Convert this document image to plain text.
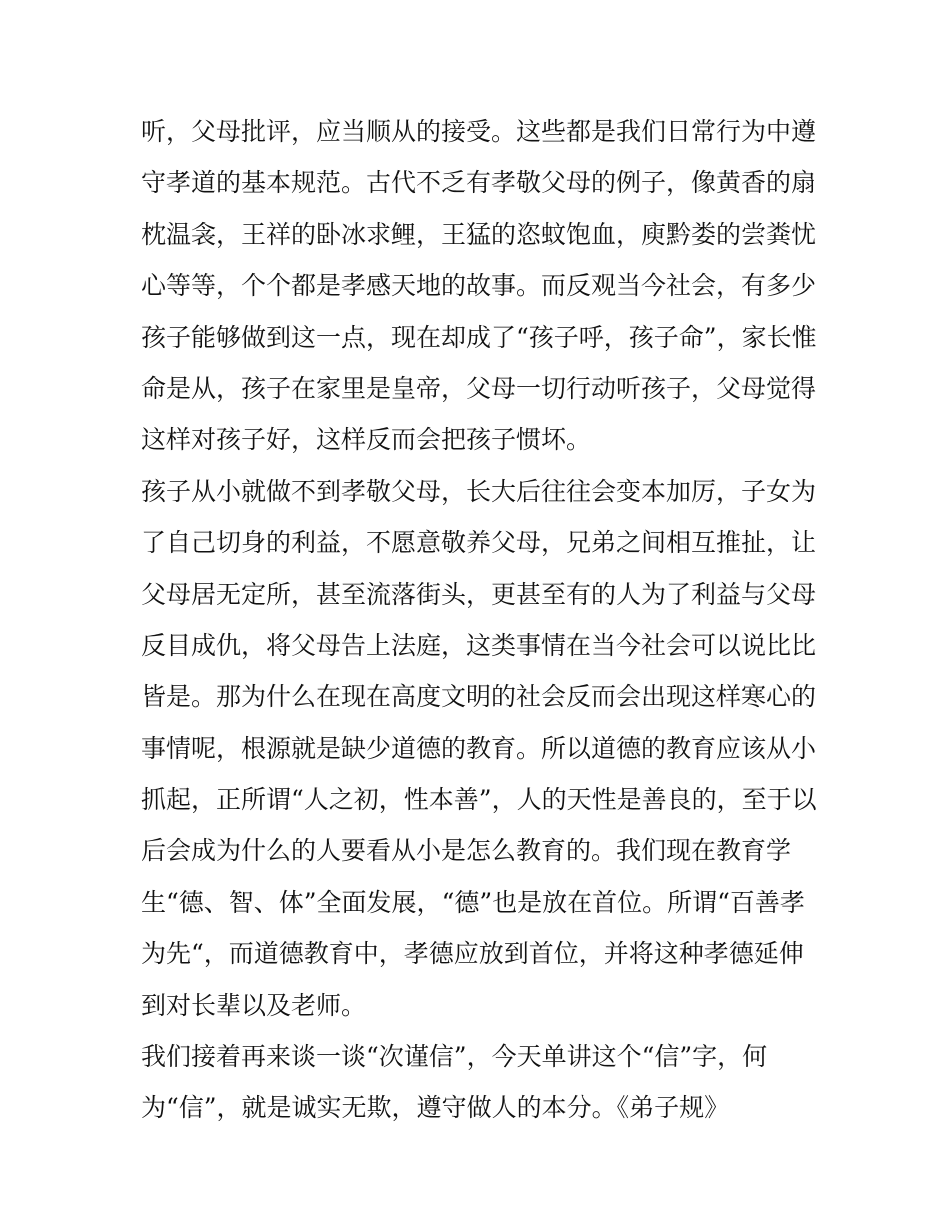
听，父母批评，应当顺从的接受。这些都是我们日常行为中遵
守孝道的基本规范。古代不乏有孝敬父母的例子，像黄香的扇
枕温衾，王祥的卧冰求鲤，王猛的恣蚊饱血，庾黔娄的尝粪忧
心等等，个个都是孝感天地的故事。而反观当今社会，有多少
孩子能够做到这一点，现在却成了“孩子呼，孩子命”，家长惟
命是从，孩子在家里是皇帝，父母一切行动听孩子，父母觉得
这样对孩子好，这样反而会把孩子惯坏。
孩子从小就做不到孝敬父母，长大后往往会变本加厉，子女为
了自己切身的利益，不愿意敬养父母，兄弟之间相互推扯，让
父母居无定所，甚至流落街头，更甚至有的人为了利益与父母
反目成仇，将父母告上法庭，这类事情在当今社会可以说比比
皆是。那为什么在现在高度文明的社会反而会出现这样寒心的
事情呢，根源就是缺少道德的教育。所以道德的教育应该从小
抓起，正所谓“人之初，性本善”，人的天性是善良的，至于以
后会成为什么的人要看从小是怎么教育的。我们现在教育学
生“德、智、体”全面发展，“德”也是放在首位。所谓“百善孝
为先“，而道德教育中，孝德应放到首位，并将这种孝德延伸
到对长辈以及老师。
我们接着再来谈一谈“次谨信”，今天单讲这个“信”字，何
为“信”，就是诚实无欺，遵守做人的本分。《弟子规》
